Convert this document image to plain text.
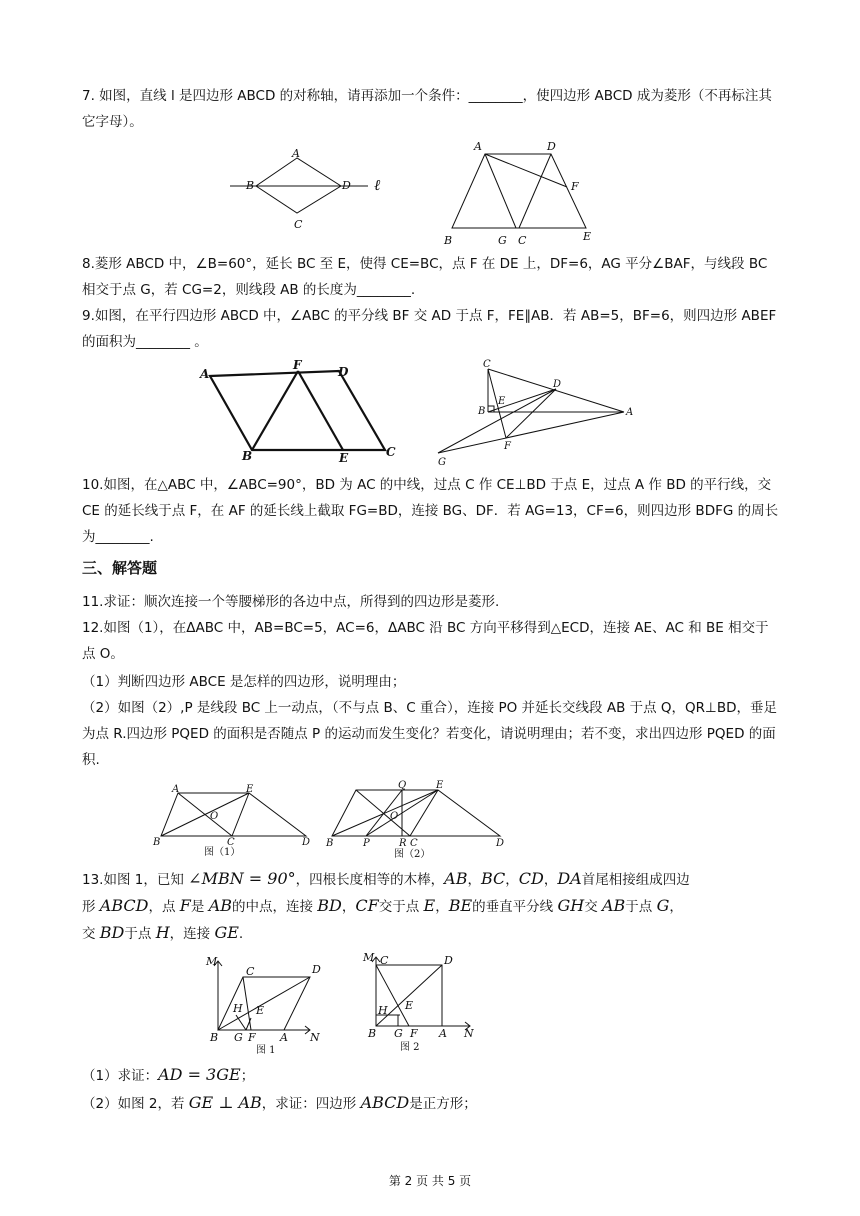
7. 如图，直线 l 是四边形 ABCD 的对称轴，请再添加一个条件：________，使四边形 ABCD 成为菱形（不再标注其它字母）。

A
B
C
D ℓ
A	D
F
B	G C	E

8.菱形 ABCD 中，∠B=60°，延长 BC 至 E，使得 CE=BC，点 F 在 DE 上，DF=6，AG 平分∠BAF，与线段 BC 相交于点 G，若 CG=2，则线段 AB 的长度为________.

9.如图，在平行四边形 ABCD 中，∠ABC 的平分线 BF 交 AD 于点 F，FE∥AB．若 AB=5，BF=6，则四边形 ABEF 的面积为________ 。

A
F	D
B	E	C
C
D
B
E
A
F
G

10.如图，在△ABC 中，∠ABC=90°，BD 为 AC 的中线，过点 C 作 CE⊥BD 于点 E，过点 A 作 BD 的平行线，交 CE 的延长线于点 F，在 AF 的延长线上截取 FG=BD，连接 BG、DF．若 AG=13，CF=6，则四边形 BDFG 的周长为________.

三、解答题

11.求证：顺次连接一个等腰梯形的各边中点，所得到的四边形是菱形.

12.如图（1），在ΔABC 中，AB=BC=5，AC=6，ΔABC 沿 BC 方向平移得到△ECD，连接 AE、AC 和 BE 相交于点 O。

（1）判断四边形 ABCE 是怎样的四边形，说明理由；

（2）如图（2）,P 是线段 BC 上一动点，（不与点 B、C 重合），连接 PO 并延长交线段 AB 于点 Q，QR⊥BD，垂足为点 R.四边形 PQED 的面积是否随点 P 的运动而发生变化？若变化，请说明理由；若不变，求出四边形 PQED 的面积.

A	E
O
B	C	D
图（1）
Q	E
O
B	P	R C	D
图（2）
13.如图 1，已知 ∠MBN = 90°，四根长度相等的木棒，AB，BC，CD，DA首尾相接组成四边
形 ABCD，点 F是 AB的中点，连接 BD，CF交于点 E，BE的垂直平分线 GH交 AB于点 G，
交 BD于点 H，连接 GE.
M
C	D
H E
B G F A N
图 1
M C	D
E
H
B G F A N
图 2
（1）求证：AD = 3GE；
（2）如图 2，若 GE ⊥ AB，求证：四边形 ABCD是正方形；
第 2 页 共 5 页
